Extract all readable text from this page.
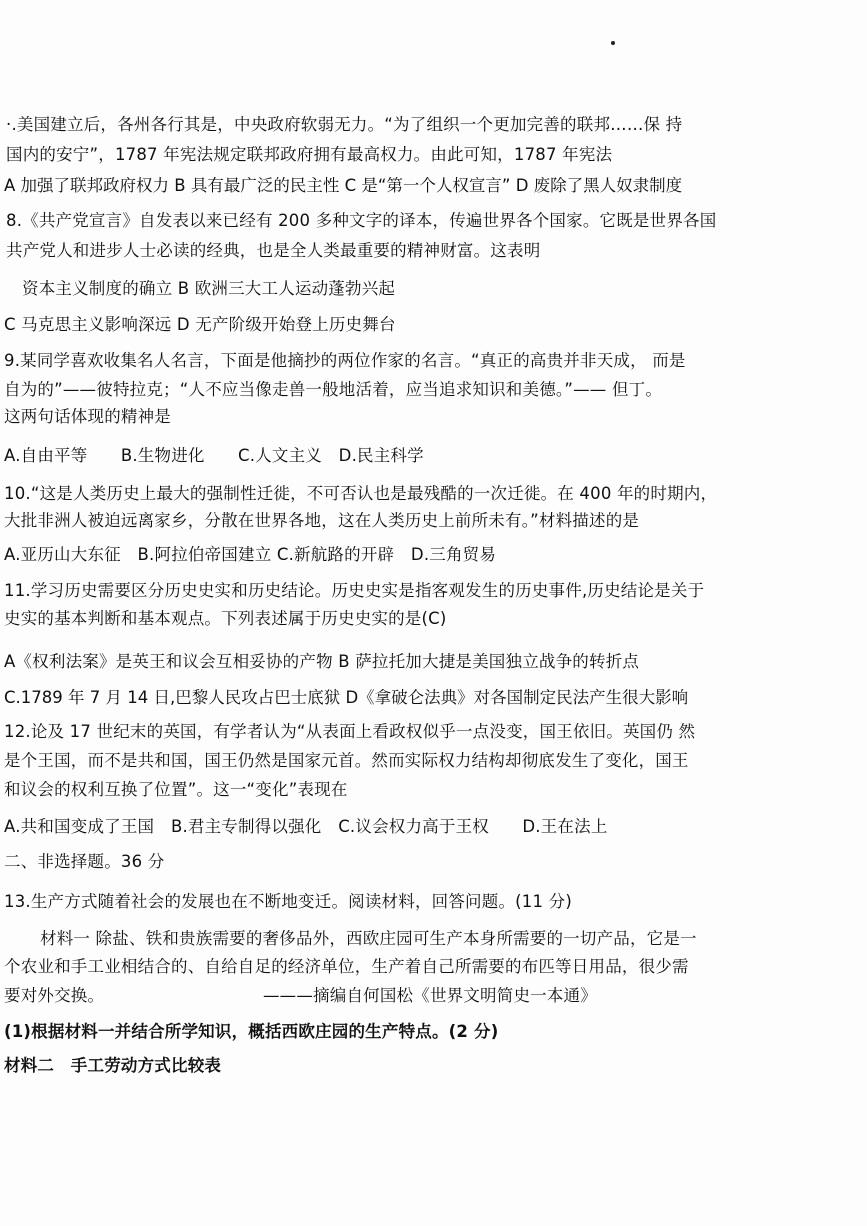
·.美国建立后，各州各行其是，中央政府软弱无力。“为了组织一个更加完善的联邦……保 持
国内的安宁”，1787 年宪法规定联邦政府拥有最高权力。由此可知，1787 年宪法
A 加强了联邦政府权力 B 具有最广泛的民主性 C 是“第一个人权宣言” D 废除了黑人奴隶制度
8.《共产党宣言》自发表以来已经有 200 多种文字的译本，传遍世界各个国家。它既是世界各国
共产党人和进步人士必读的经典，也是全人类最重要的精神财富。这表明
资本主义制度的确立 B 欧洲三大工人运动蓬勃兴起
C 马克思主义影响深远 D 无产阶级开始登上历史舞台
9.某同学喜欢收集名人名言，下面是他摘抄的两位作家的名言。“真正的高贵并非天成， 而是
自为的”——彼特拉克；“人不应当像走兽一般地活着，应当追求知识和美德。”—— 但丁。
这两句话体现的精神是
A.自由平等　　B.生物进化　　C.人文主义　D.民主科学
10.“这是人类历史上最大的强制性迁徙，不可否认也是最残酷的一次迁徙。在 400 年的时期内，
大批非洲人被迫远离家乡，分散在世界各地，这在人类历史上前所未有。”材料描述的是
A.亚历山大东征　B.阿拉伯帝国建立 C.新航路的开辟　D.三角贸易
11.学习历史需要区分历史史实和历史结论。历史史实是指客观发生的历史事件,历史结论是关于
史实的基本判断和基本观点。下列表述属于历史史实的是(C)
A《权利法案》是英王和议会互相妥协的产物 B 萨拉托加大捷是美国独立战争的转折点
C.1789 年 7 月 14 日,巴黎人民攻占巴士底狱 D《拿破仑法典》对各国制定民法产生很大影响
12.论及 17 世纪末的英国，有学者认为“从表面上看政权似乎一点没变，国王依旧。英国仍 然
是个王国，而不是共和国，国王仍然是国家元首。然而实际权力结构却彻底发生了变化，国王
和议会的权利互换了位置”。这一“变化”表现在
A.共和国变成了王国　B.君主专制得以强化　C.议会权力高于王权　　D.王在法上
二、非选择题。36 分
13.生产方式随着社会的发展也在不断地变迁。阅读材料，回答问题。(11 分)
材料一 除盐、铁和贵族需要的奢侈品外，西欧庄园可生产本身所需要的一切产品，它是一
个农业和手工业相结合的、自给自足的经济单位，生产着自己所需要的布匹等日用品，很少需
要对外交换。　　　　　　　　　　———摘编自何国松《世界文明简史一本通》
(1)根据材料一并结合所学知识，概括西欧庄园的生产特点。(2 分)
材料二　手工劳动方式比较表
